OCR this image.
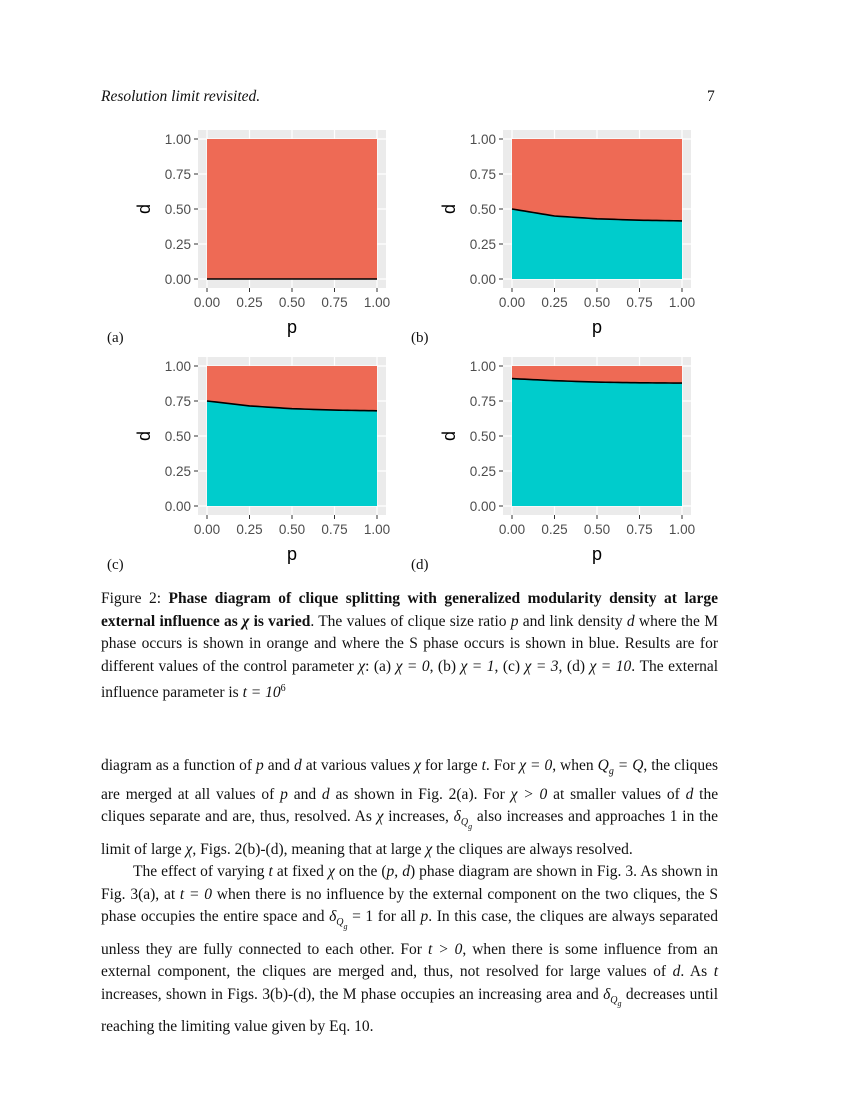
Resolution limit revisited.	7
0.00 0.25 0.50 0.75 1.00
0.00
0.25
0.50
0.75
1.00
p
d
0.00 0.25 0.50 0.75 1.00
0.00
0.25
0.50
0.75
1.00
p
d
0.00 0.25 0.50 0.75 1.00
0.00
0.25
0.50
0.75
1.00
p
d
0.00 0.25 0.50 0.75 1.00
0.00
0.25
0.50
0.75
1.00
p
d
(a)	(b)
(c)	(d)
Figure 2: Phase diagram of clique splitting with generalized modularity density at large external influence as χ is varied. The values of clique size ratio p and link density d where the M phase occurs is shown in orange and where the S phase occurs is shown in blue. Results are for different values of the control parameter χ: (a) χ = 0, (b) χ = 1, (c) χ = 3, (d) χ = 10. The external influence parameter is $t = 10^6$

diagram as a function of p and d at various values χ for large t. For χ = 0, when $Q_g = Q$, the cliques are merged at all values of p and d as shown in Fig. 2(a). For χ > 0 at smaller values of d the cliques separate and are, thus, resolved. As χ increases, $\delta_{Q_g}$ also increases and approaches 1 in the limit of large χ, Figs. 2(b)-(d), meaning that at large χ the cliques are always resolved.

The effect of varying t at fixed χ on the (p, d) phase diagram are shown in Fig. 3. As shown in Fig. 3(a), at t = 0 when there is no influence by the external component on the two cliques, the S phase occupies the entire space and $\delta_{Q_g} = 1$ for all p. In this case, the cliques are always separated unless they are fully connected to each other. For t > 0, when there is some influence from an external component, the cliques are merged and, thus, not resolved for large values of d. As t increases, shown in Figs. 3(b)-(d), the M phase occupies an increasing area and $\delta_{Q_g}$ decreases until reaching the limiting value given by Eq. 10.
